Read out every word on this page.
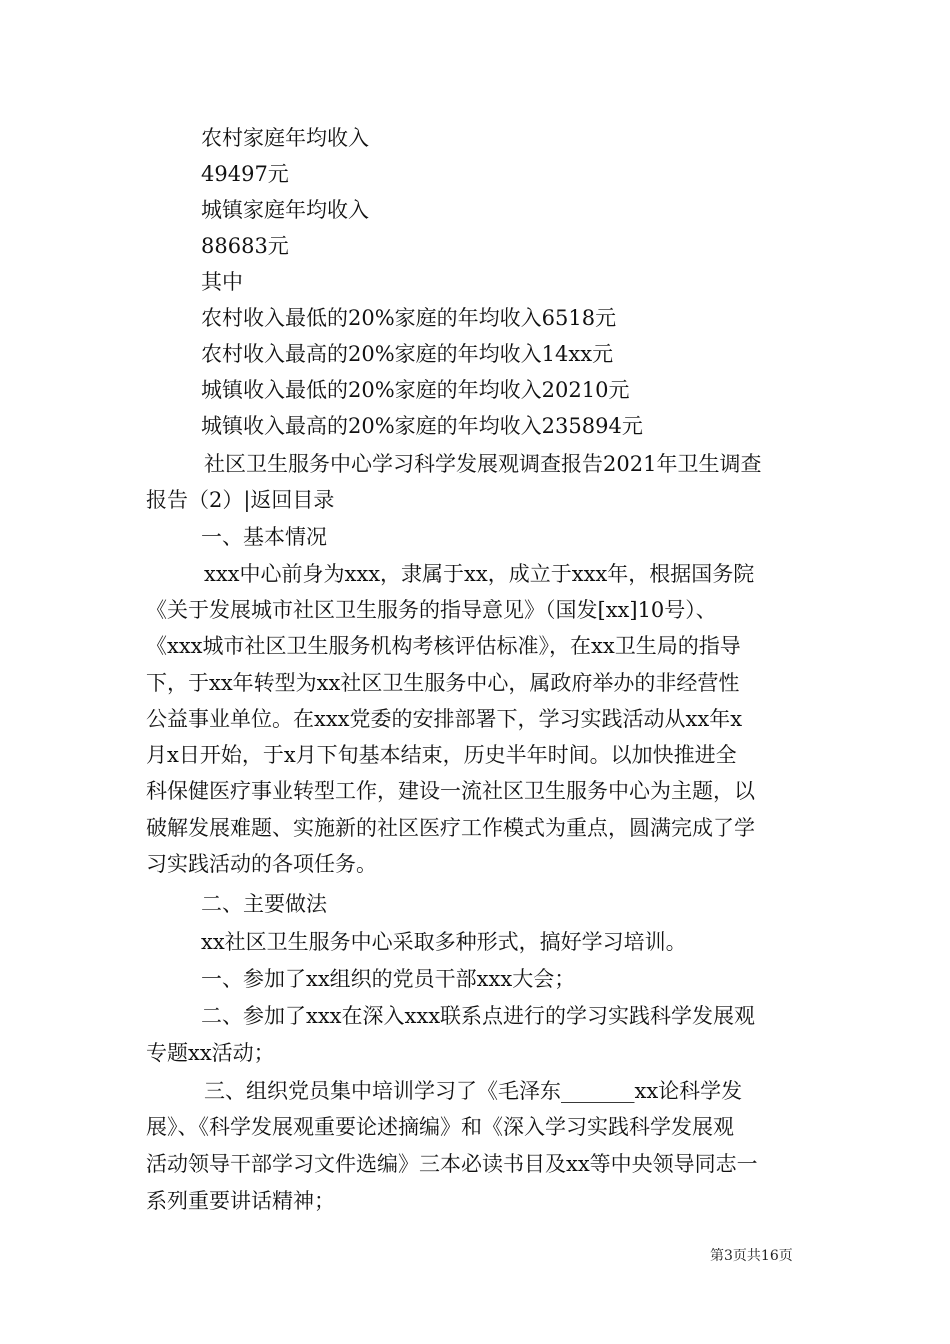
农村家庭年均收入
49497元
城镇家庭年均收入
88683元
其中
农村收入最低的20%家庭的年均收入6518元
农村收入最高的20%家庭的年均收入14xx元
城镇收入最低的20%家庭的年均收入20210元
城镇收入最高的20%家庭的年均收入235894元
社区卫生服务中心学习科学发展观调查报告2021年卫生调查
报告（2）|返回目录
一、基本情况
xxx中心前身为xxx，隶属于xx，成立于xxx年，根据国务院
《关于发展城市社区卫生服务的指导意见》（国发[xx]10号）、
《xxx城市社区卫生服务机构考核评估标准》，在xx卫生局的指导
下，于xx年转型为xx社区卫生服务中心，属政府举办的非经营性
公益事业单位。在xxx党委的安排部署下，学习实践活动从xx年x
月x日开始，于x月下旬基本结束，历史半年时间。以加快推进全
科保健医疗事业转型工作，建设一流社区卫生服务中心为主题，以
破解发展难题、实施新的社区医疗工作模式为重点，圆满完成了学
习实践活动的各项任务。
二、主要做法
xx社区卫生服务中心采取多种形式，搞好学习培训。
一、参加了xx组织的党员干部xxx大会；
二、参加了xxx在深入xxx联系点进行的学习实践科学发展观
专题xx活动；
三、组织党员集中培训学习了《毛泽东_______xx论科学发
展》、《科学发展观重要论述摘编》和《深入学习实践科学发展观
活动领导干部学习文件选编》三本必读书目及xx等中央领导同志一
系列重要讲话精神；
第3页共16页
